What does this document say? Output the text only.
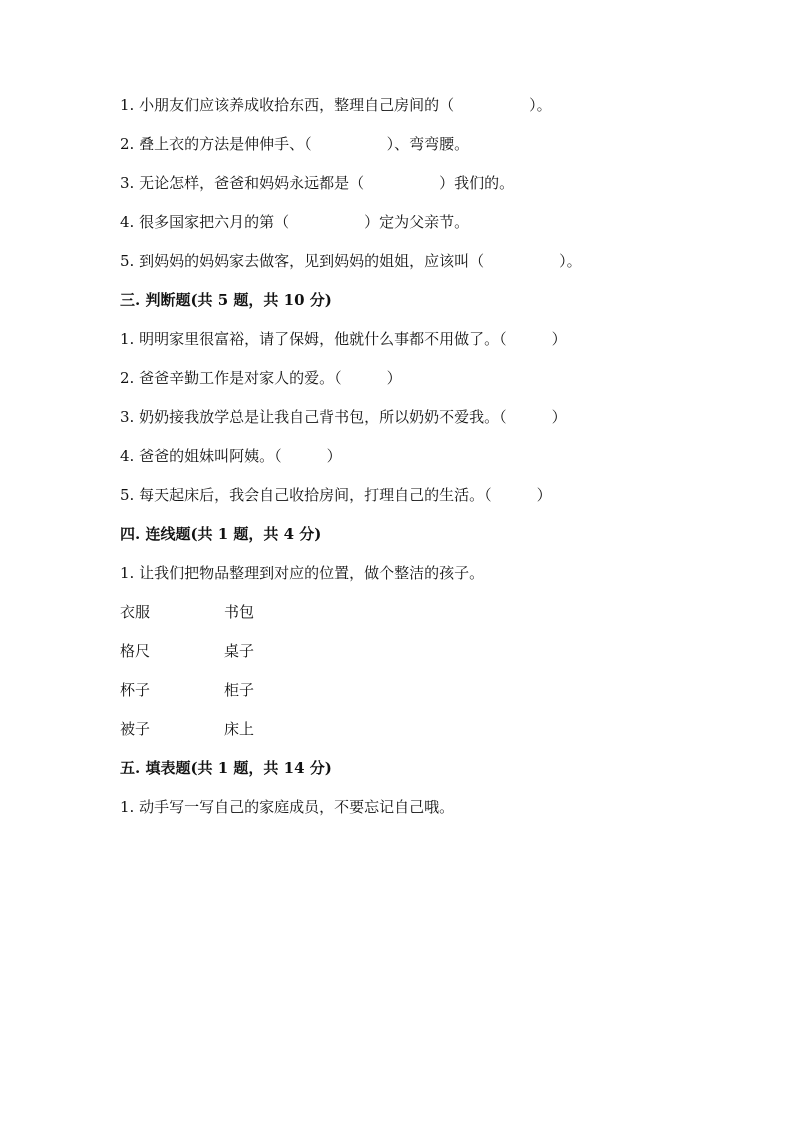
1. 小朋友们应该养成收拾东西，整理自己房间的（　　　　　）。
2. 叠上衣的方法是伸伸手、（　　　　　）、弯弯腰。
3. 无论怎样，爸爸和妈妈永远都是（　　　　　）我们的。
4. 很多国家把六月的第（　　　　　）定为父亲节。
5. 到妈妈的妈妈家去做客，见到妈妈的姐姐，应该叫（　　　　　）。
三. 判断题(共 5 题，共 10 分)
1. 明明家里很富裕，请了保姆，他就什么事都不用做了。（　　　）
2. 爸爸辛勤工作是对家人的爱。（　　　）
3. 奶奶接我放学总是让我自己背书包，所以奶奶不爱我。（　　　）
4. 爸爸的姐妹叫阿姨。（　　　）
5. 每天起床后，我会自己收拾房间，打理自己的生活。（　　　）
四. 连线题(共 1 题，共 4 分)
1. 让我们把物品整理到对应的位置，做个整洁的孩子。
衣服	书包
格尺	桌子
杯子	柜子
被子	床上
五. 填表题(共 1 题，共 14 分)
1. 动手写一写自己的家庭成员，不要忘记自己哦。
